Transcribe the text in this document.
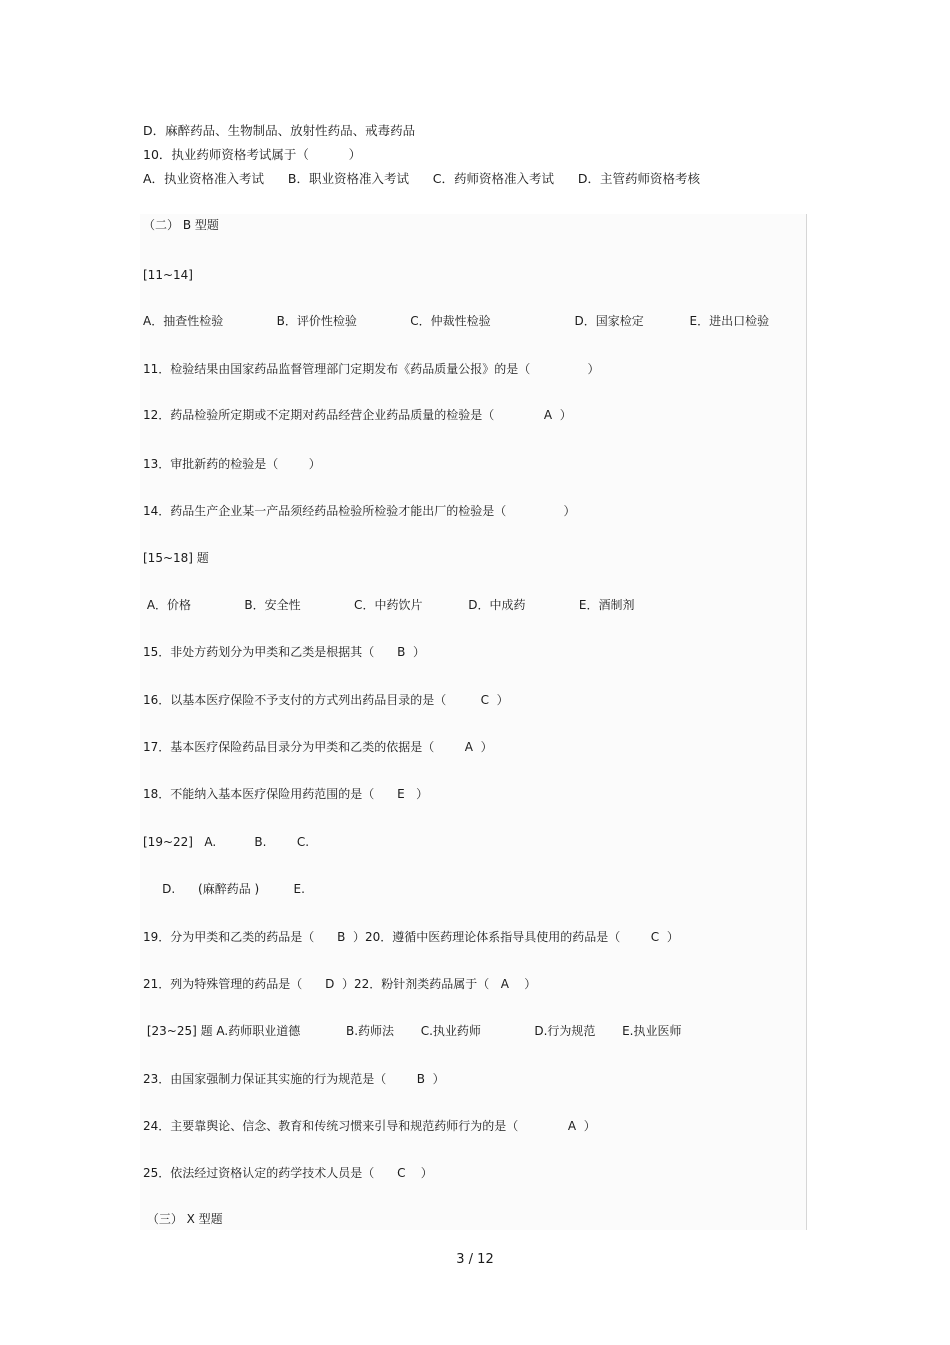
D．麻醉药品、生物制品、放射性药品、戒毒药品
10．执业药师资格考试属于（          ）
A．执业资格准入考试      B．职业资格准入考试      C．药师资格准入考试      D．主管药师资格考核
（二） B 型题
[11~14]
A．抽查性检验              B．评价性检验              C．仲裁性检验                      D．国家检定            E．进出口检验
11．检验结果由国家药品监督管理部门定期发布《药品质量公报》的是（               ）
12．药品检验所定期或不定期对药品经营企业药品质量的检验是（             A  ）
13．审批新药的检验是（        ）
14．药品生产企业某一产品须经药品检验所检验才能出厂的检验是（               ）
[15~18] 题
A．价格              B．安全性              C．中药饮片            D．中成药              E．酒制剂
15．非处方药划分为甲类和乙类是根据其（      B  ）
16．以基本医疗保险不予支付的方式列出药品目录的是（         C  ）
17．基本医疗保险药品目录分为甲类和乙类的依据是（        A  ）
18．不能纳入基本医疗保险用药范围的是（      E   ）
[19~22]   A.          B.        C.
D.      (麻醉药品 )         E.
19．分为甲类和乙类的药品是（      B  ）20．遵循中医药理论体系指导具使用的药品是（        C  ）
21．列为特殊管理的药品是（      D  ）22．粉针剂类药品属于（   A    ）
[23~25] 题 A.药师职业道德            B.药师法       C.执业药师              D.行为规范       E.执业医师
23．由国家强制力保证其实施的行为规范是（        B  ）
24．主要靠舆论、信念、教育和传统习惯来引导和规范药师行为的是（             A  ）
25．依法经过资格认定的药学技术人员是（      C    ）
（三） X 型题
3 / 12
